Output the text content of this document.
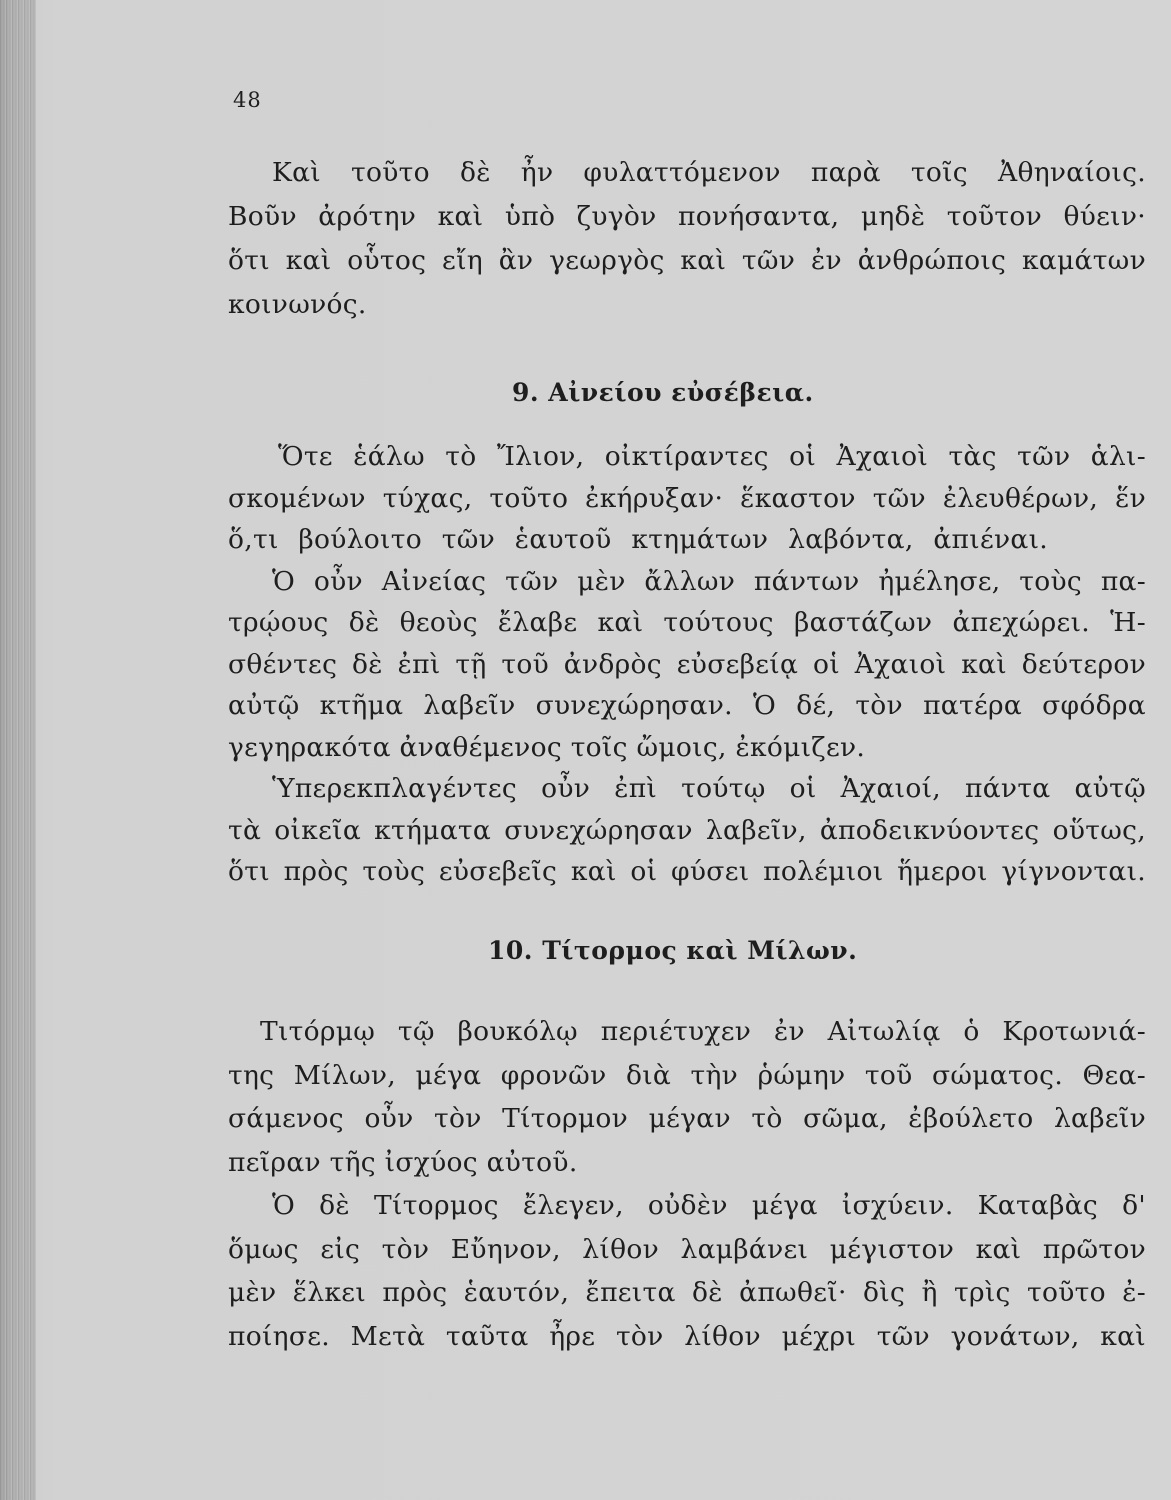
48
Καὶ τοῦτο δὲ ἦν φυλαττόμενον παρὰ τοῖς Ἀθηναίοις.
Βοῦν ἀρότην καὶ ὑπὸ ζυγὸν πονήσαντα, μηδὲ τοῦτον θύειν·
ὅτι καὶ οὗτος εἴη ἂν γεωργὸς καὶ τῶν ἐν ἀνθρώποις καμάτων
κοινωνός.
9. Αἰνείου εὐσέβεια.
Ὅτε ἑάλω τὸ Ἴλιον, οἰκτίραντες οἱ Ἀχαιοὶ τὰς τῶν ἁλι-
σκομένων τύχας, τοῦτο ἐκήρυξαν· ἕκαστον τῶν ἐλευθέρων, ἕν
ὅ,τι βούλοιτο τῶν ἑαυτοῦ κτημάτων λαβόντα, ἀπιέναι.
Ὁ οὖν Αἰνείας τῶν μὲν ἄλλων πάντων ἠμέλησε, τοὺς πα-
τρῴους δὲ θεοὺς ἔλαβε καὶ τούτους βαστάζων ἀπεχώρει. Ἡ-
σθέντες δὲ ἐπὶ τῇ τοῦ ἀνδρὸς εὐσεβείᾳ οἱ Ἀχαιοὶ καὶ δεύτερον
αὐτῷ κτῆμα λαβεῖν συνεχώρησαν. Ὁ δέ, τὸν πατέρα σφόδρα
γεγηρακότα ἀναθέμενος τοῖς ὤμοις, ἐκόμιζεν.
Ὑπερεκπλαγέντες οὖν ἐπὶ τούτῳ οἱ Ἀχαιοί, πάντα αὐτῷ
τὰ οἰκεῖα κτήματα συνεχώρησαν λαβεῖν, ἀποδεικνύοντες οὕτως,
ὅτι πρὸς τοὺς εὐσεβεῖς καὶ οἱ φύσει πολέμιοι ἥμεροι γίγνονται.
10. Τίτορμος καὶ Μίλων.
Τιτόρμῳ τῷ βουκόλῳ περιέτυχεν ἐν Αἰτωλίᾳ ὁ Κροτωνιά-
της Μίλων, μέγα φρονῶν διὰ τὴν ῥώμην τοῦ σώματος. Θεα-
σάμενος οὖν τὸν Τίτορμον μέγαν τὸ σῶμα, ἐβούλετο λαβεῖν
πεῖραν τῆς ἰσχύος αὐτοῦ.
Ὁ δὲ Τίτορμος ἔλεγεν, οὐδὲν μέγα ἰσχύειν. Καταβὰς δ'
ὅμως εἰς τὸν Εὔηνον, λίθον λαμβάνει μέγιστον καὶ πρῶτον
μὲν ἕλκει πρὸς ἑαυτόν, ἔπειτα δὲ ἀπωθεῖ· δὶς ἢ τρὶς τοῦτο ἐ-
ποίησε. Μετὰ ταῦτα ἦρε τὸν λίθον μέχρι τῶν γονάτων, καὶ
